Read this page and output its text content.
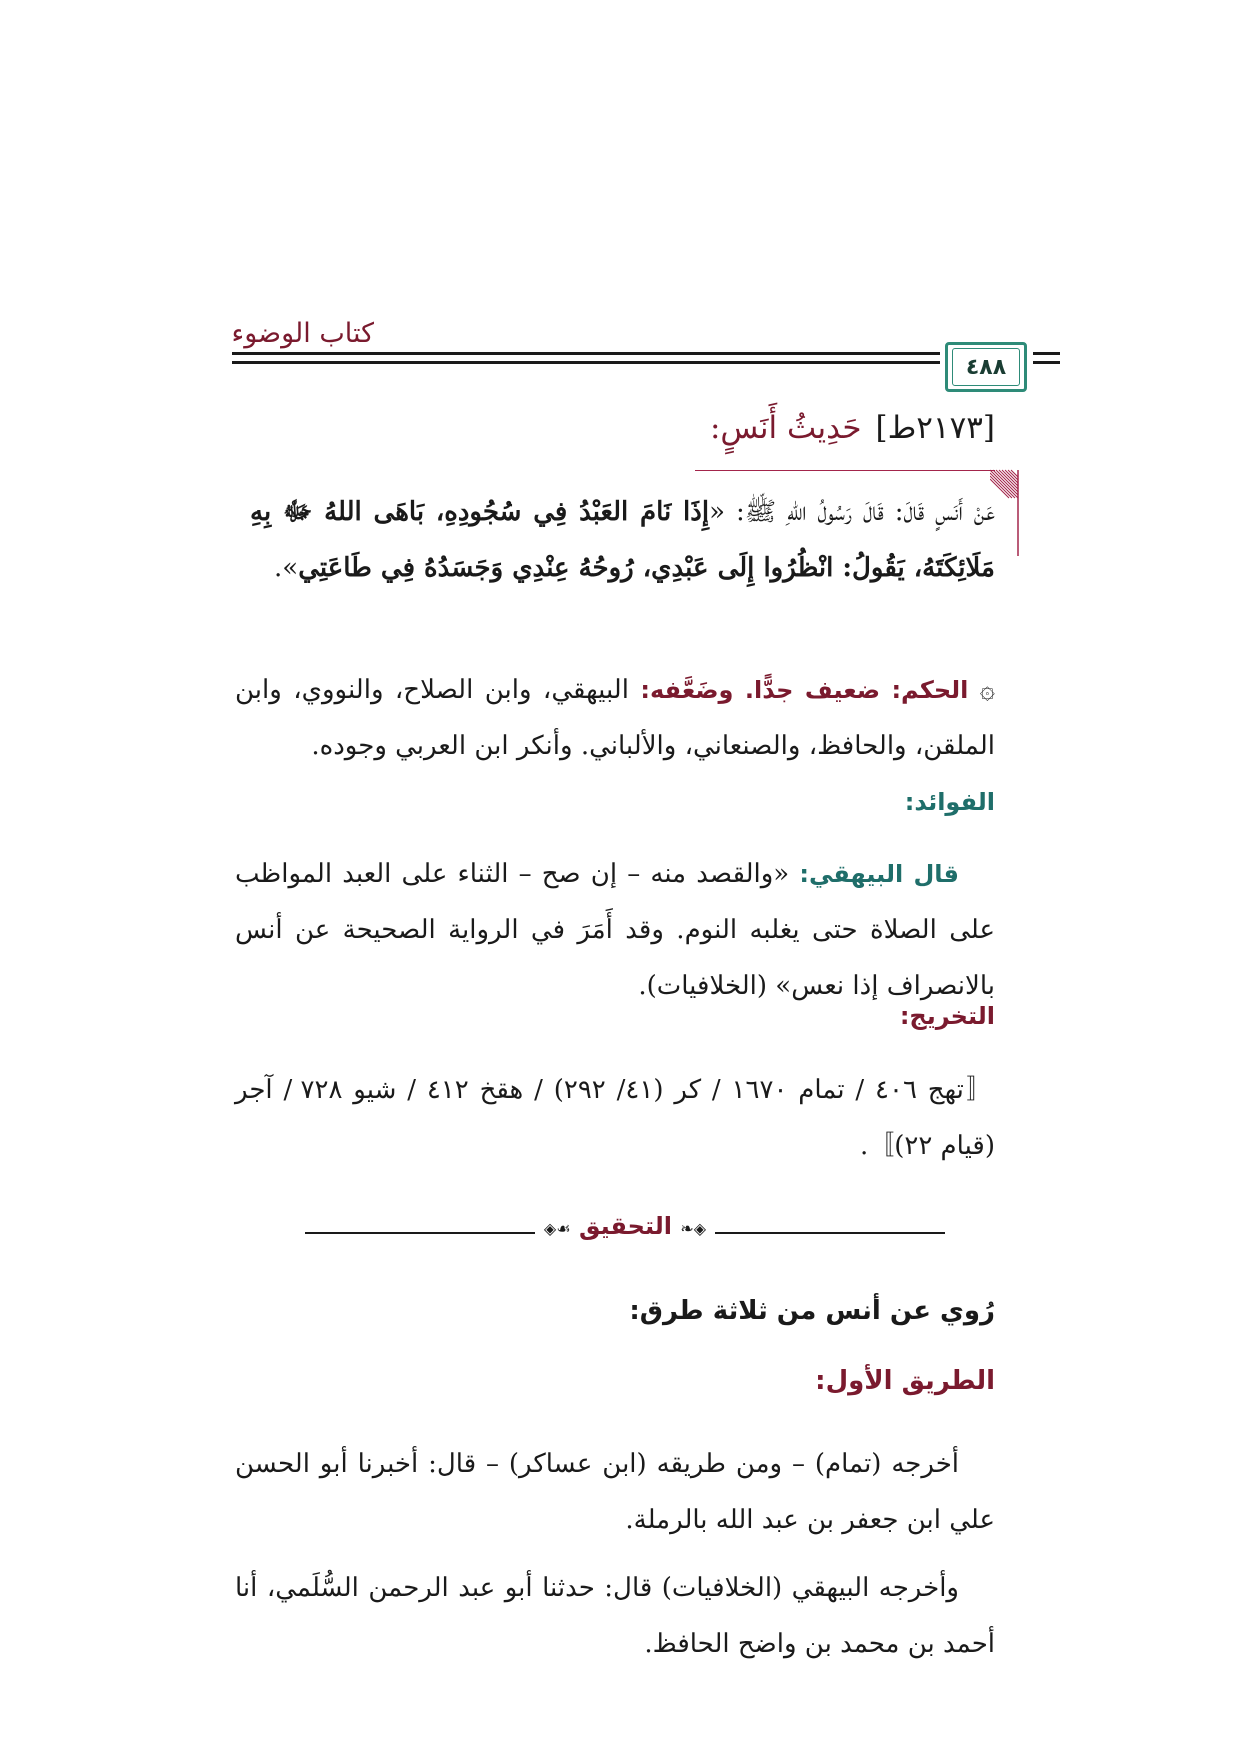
كتاب الوضوء
٤٨٨
[٢١٧٣ط]حَدِيثُ أَنَسٍ:
عَنْ أَنَسٍ قَالَ: قَالَ رَسُولُ اللهِ ﷺ: «إِذَا نَامَ العَبْدُ فِي سُجُودِهِ، بَاهَى اللهُ ﷻ بِهِ مَلَائِكَتَهُ، يَقُولُ: انْظُرُوا إِلَى عَبْدِي، رُوحُهُ عِنْدِي وَجَسَدُهُ فِي طَاعَتِي».
۞ الحكم: ضعيف جدًّا. وضَعَّفه: البيهقي، وابن الصلاح، والنووي، وابن الملقن، والحافظ، والصنعاني، والألباني. وأنكر ابن العربي وجوده.
الفوائد:
قال البيهقي: «والقصد منه – إن صح – الثناء على العبد المواظب على الصلاة حتى يغلبه النوم. وقد أَمَرَ في الرواية الصحيحة عن أنس بالانصراف إذا نعس» (الخلافيات).
التخريج:
〚تهج ٤٠٦ / تمام ١٦٧٠ / كر (٤١/ ٢٩٢) / هقخ ٤١٢ / شيو ٧٢٨ / آجر (قيام ٢٢)〛.
◈❧ التحقيق ☙◈
رُوي عن أنس من ثلاثة طرق:
الطريق الأول:
أخرجه (تمام) – ومن طريقه (ابن عساكر) – قال: أخبرنا أبو الحسن علي ابن جعفر بن عبد الله بالرملة.
وأخرجه البيهقي (الخلافيات) قال: حدثنا أبو عبد الرحمن السُّلَمي، أنا أحمد بن محمد بن واضح الحافظ.
